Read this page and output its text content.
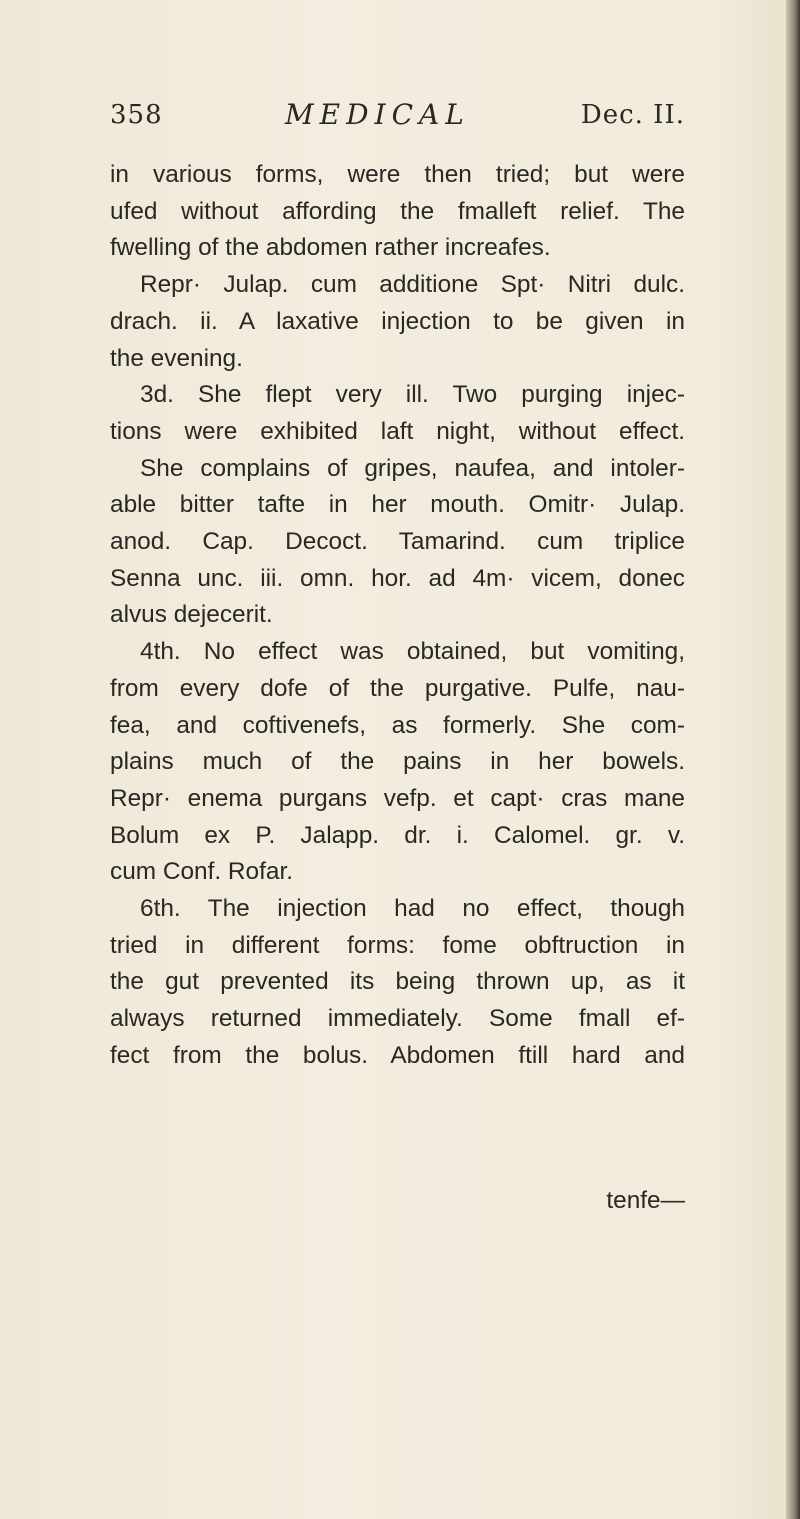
358	MEDICAL	Dec. II.
in various forms, were then tried; but were
ufed without affording the fmalleft relief. The
fwelling of the abdomen rather increafes.
Repr· Julap. cum additione Spt· Nitri dulc.
drach. ii. A laxative injection to be given in
the evening.
3d. She flept very ill. Two purging injec-
tions were exhibited laft night, without effect.
She complains of gripes, naufea, and intoler-
able bitter tafte in her mouth. Omitr· Julap.
anod. Cap. Decoct. Tamarind. cum triplice
Senna unc. iii. omn. hor. ad 4m· vicem, donec
alvus dejecerit.
4th. No effect was obtained, but vomiting,
from every dofe of the purgative. Pulfe, nau-
fea, and coftivenefs, as formerly. She com-
plains much of the pains in her bowels.
Repr· enema purgans vefp. et capt· cras mane
Bolum ex P. Jalapp. dr. i. Calomel. gr. v.
cum Conf. Rofar.
6th. The injection had no effect, though
tried in different forms: fome obftruction in
the gut prevented its being thrown up, as it
always returned immediately. Some fmall ef-
fect from the bolus. Abdomen ftill hard and
tenfe—
